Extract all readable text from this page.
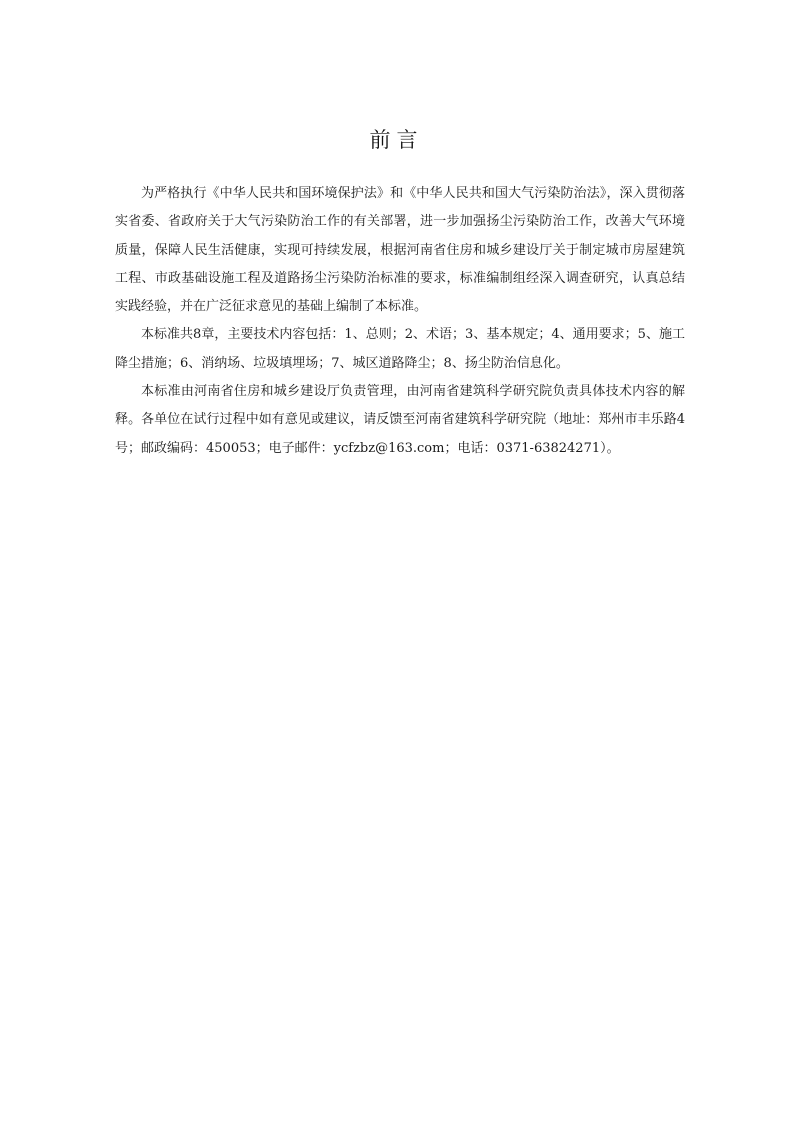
前言

为严格执行《中华人民共和国环境保护法》和《中华人民共和国大气污染防治法》，深入贯彻落实省委、省政府关于大气污染防治工作的有关部署，进一步加强扬尘污染防治工作，改善大气环境质量，保障人民生活健康，实现可持续发展，根据河南省住房和城乡建设厅关于制定城市房屋建筑工程、市政基础设施工程及道路扬尘污染防治标准的要求，标准编制组经深入调查研究，认真总结实践经验，并在广泛征求意见的基础上编制了本标准。

本标准共8章，主要技术内容包括：1、总则；2、术语；3、基本规定；4、通用要求；5、施工降尘措施；6、消纳场、垃圾填埋场；7、城区道路降尘；8、扬尘防治信息化。

本标准由河南省住房和城乡建设厅负责管理，由河南省建筑科学研究院负责具体技术内容的解释。各单位在试行过程中如有意见或建议，请反馈至河南省建筑科学研究院（地址：郑州市丰乐路4号；邮政编码：450053；电子邮件：ycfzbz@163.com；电话：0371-63824271）。
